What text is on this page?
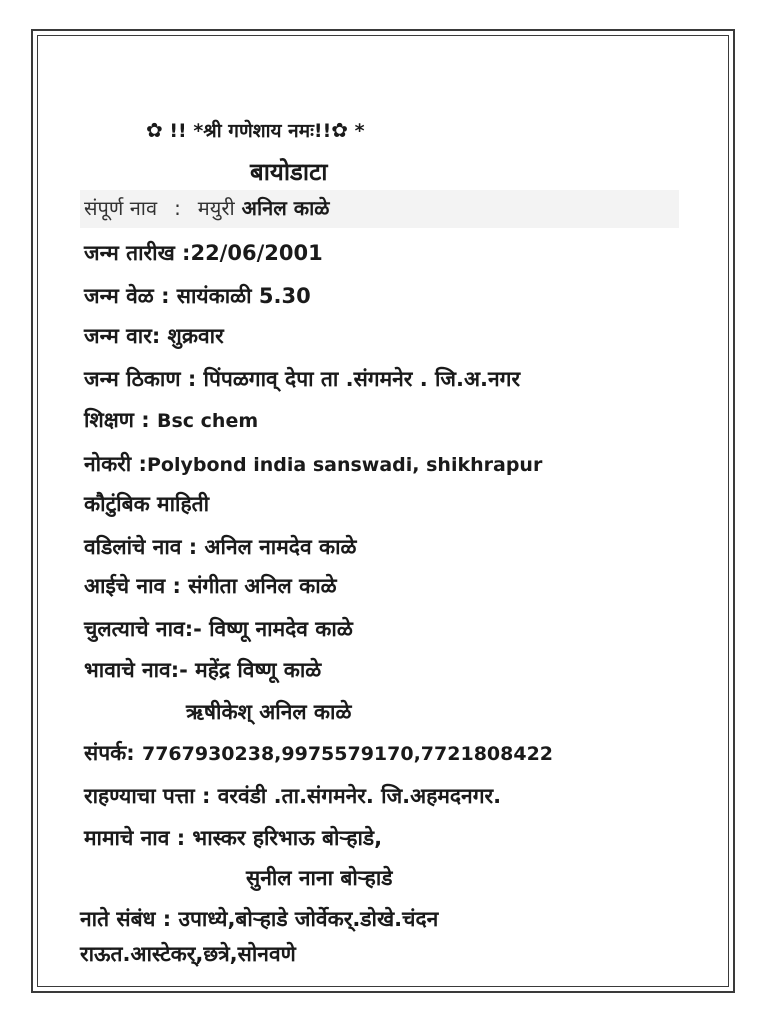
✿ !! *श्री गणेशाय नमः!!✿ *
बायोडाटा
संपूर्ण नाव : मयुरी अनिल काळे
जन्म तारीख :22/06/2001
जन्म वेळ : सायंकाळी 5.30
जन्म वार: शुक्रवार
जन्म ठिकाण : पिंपळगाव् देपा ता .संगमनेर . जि.अ.नगर
शिक्षण : Bsc chem
नोकरी :Polybond india sanswadi, shikhrapur
कौटुंबिक माहिती
वडिलांचे नाव : अनिल नामदेव काळे
आईचे नाव : संगीता अनिल काळे
चुलत्याचे नाव:- विष्णू नामदेव काळे
भावाचे नाव:- महेंद्र विष्णू काळे
ऋषीकेश् अनिल काळे
संपर्क: 7767930238,9975579170,7721808422
राहण्याचा पत्ता : वरवंडी .ता.संगमनेर. जि.अहमदनगर.
मामाचे नाव : भास्कर हरिभाऊ बोऱ्हाडे,
सुनील नाना बोऱ्हाडे
नाते संबंध : उपाध्ये,बोऱ्हाडे जोर्वेकर्.डोखे.चंदन
राऊत.आस्टेकर्,छत्रे,सोनवणे
